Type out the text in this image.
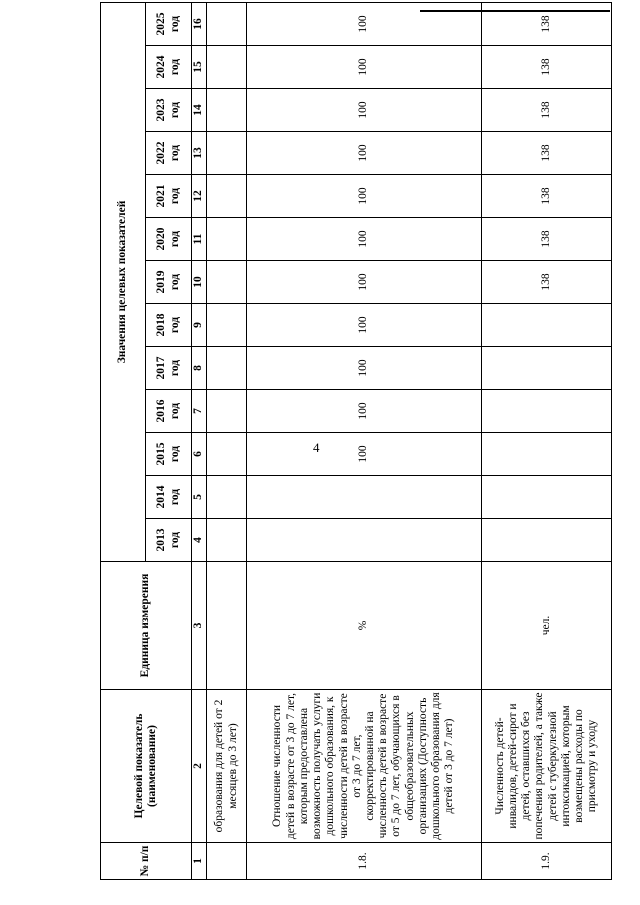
4
№ п/п	Целевой показатель (наименование)	Единица измерения	Значения целевых показателей												
			2013 год	2014 год	2015 год	2016 год	2017 год	2018 год	2019 год	2020 год	2021 год	2022 год	2023 год	2024 год	2025 год
1	2	3	4	5	6	7	8	9	10	11	12	13	14	15	16
	образования для детей от 2 месяцев до 3 лет)														
1.8.	Отношение численности детей в возрасте от 3 до 7 лет, которым предоставлена возможность получать услуги дошкольного образования, к численности детей в возрасте от 3 до 7 лет, скорректированной на численность детей в возрасте от 5 до 7 лет, обучающихся в общеобразовательных организациях (Доступность дошкольного образования для детей от 3 до 7 лет)	%			100	100	100	100	100	100	100	100	100	100	100
1.9.	Численность детей-инвалидов, детей-сирот и детей, оставшихся без попечения родителей, а также детей с туберкулезной интоксикацией, которым возмещены расходы по присмотру и уходу	чел.							138	138	138	138	138	138	138
